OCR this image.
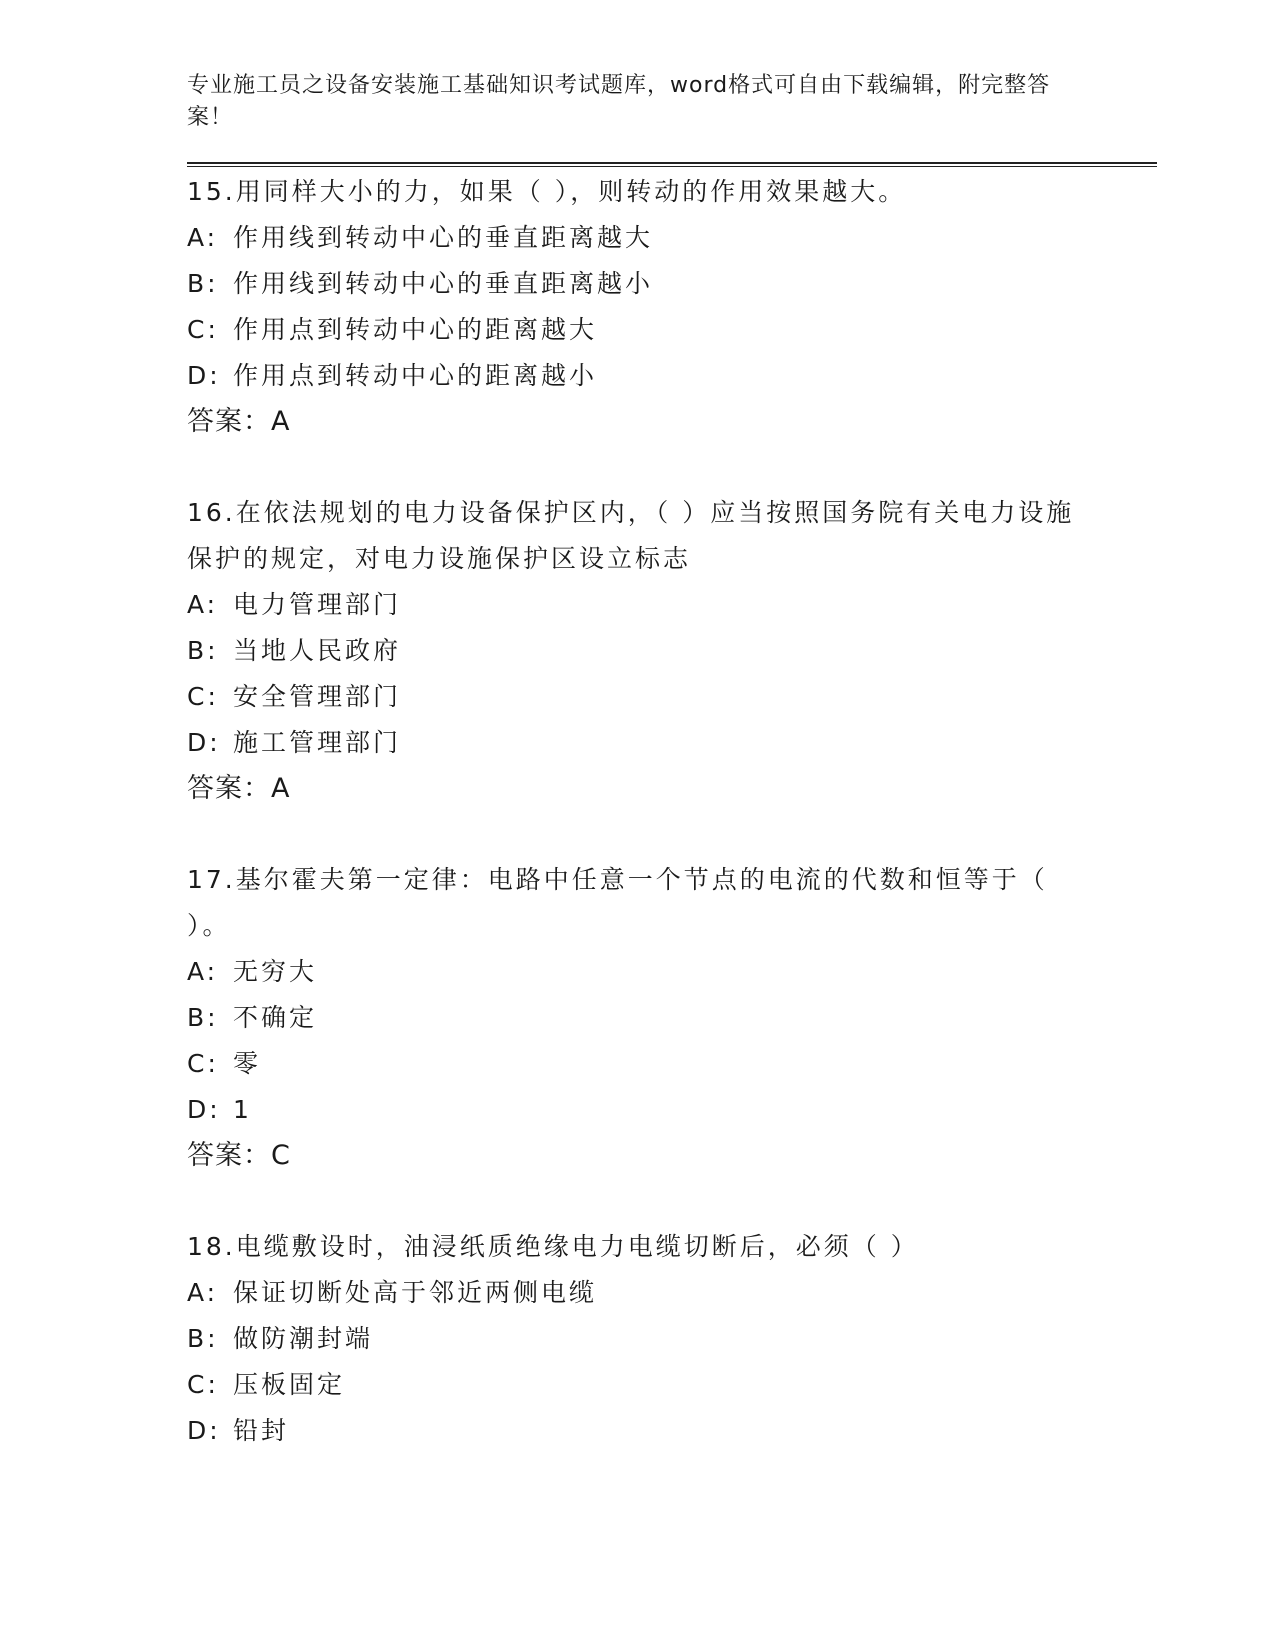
专业施工员之设备安装施工基础知识考试题库，word格式可自由下载编辑，附完整答案！

15.用同样大小的力，如果（ ），则转动的作用效果越大。

A: 作用线到转动中心的垂直距离越大

B: 作用线到转动中心的垂直距离越小

C: 作用点到转动中心的距离越大

D: 作用点到转动中心的距离越小

答案：A

16.在依法规划的电力设备保护区内，（ ）应当按照国务院有关电力设施保护的规定，对电力设施保护区设立标志

A: 电力管理部门

B: 当地人民政府

C: 安全管理部门

D: 施工管理部门

答案：A

17.基尔霍夫第一定律：电路中任意一个节点的电流的代数和恒等于（ ）。

A: 无穷大

B: 不确定

C: 零

D: 1

答案：C

18.电缆敷设时，油浸纸质绝缘电力电缆切断后，必须（ ）

A: 保证切断处高于邻近两侧电缆

B: 做防潮封端

C: 压板固定

D: 铅封
